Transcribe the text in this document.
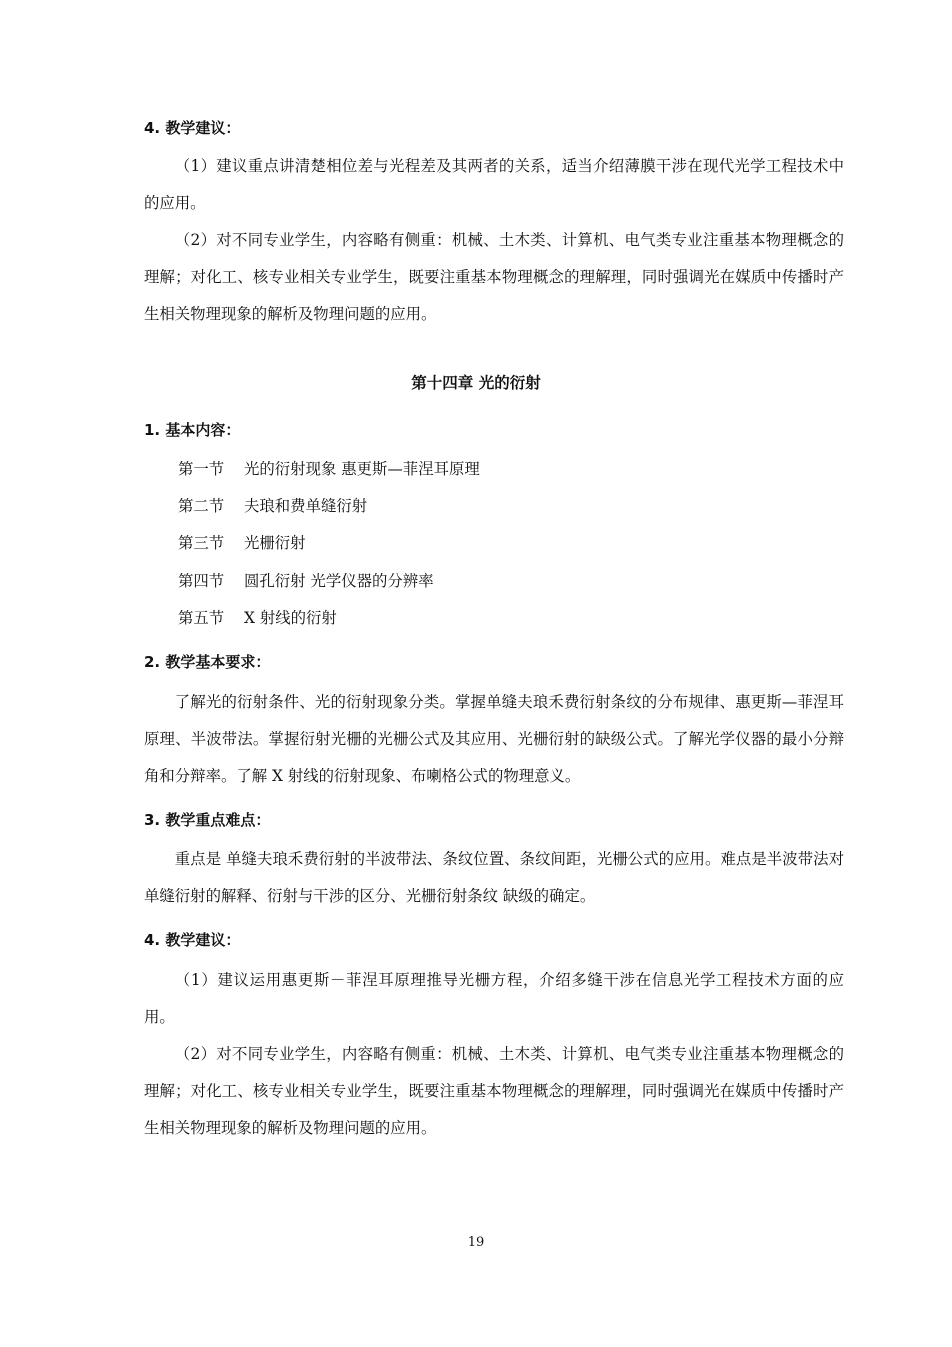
4. 教学建议：
（1）建议重点讲清楚相位差与光程差及其两者的关系，适当介绍薄膜干涉在现代光学工程技术中的应用。
（2）对不同专业学生，内容略有侧重：机械、土木类、计算机、电气类专业注重基本物理概念的理解；对化工、核专业相关专业学生，既要注重基本物理概念的理解理，同时强调光在媒质中传播时产生相关物理现象的解析及物理问题的应用。
第十四章 光的衍射
1. 基本内容：
第一节 光的衍射现象 惠更斯—菲涅耳原理
第二节 夫琅和费单缝衍射
第三节 光栅衍射
第四节 圆孔衍射 光学仪器的分辨率
第五节 X 射线的衍射
2. 教学基本要求：
了解光的衍射条件、光的衍射现象分类。掌握单缝夫琅禾费衍射条纹的分布规律、惠更斯—菲涅耳原理、半波带法。掌握衍射光栅的光栅公式及其应用、光栅衍射的缺级公式。了解光学仪器的最小分辩角和分辩率。了解 X 射线的衍射现象、布喇格公式的物理意义。
3. 教学重点难点：
重点是 单缝夫琅禾费衍射的半波带法、条纹位置、条纹间距，光栅公式的应用。难点是半波带法对单缝衍射的解释、衍射与干涉的区分、光栅衍射条纹 缺级的确定。
4. 教学建议：
（1）建议运用惠更斯－菲涅耳原理推导光栅方程，介绍多缝干涉在信息光学工程技术方面的应用。
（2）对不同专业学生，内容略有侧重：机械、土木类、计算机、电气类专业注重基本物理概念的理解；对化工、核专业相关专业学生，既要注重基本物理概念的理解理，同时强调光在媒质中传播时产生相关物理现象的解析及物理问题的应用。
19
